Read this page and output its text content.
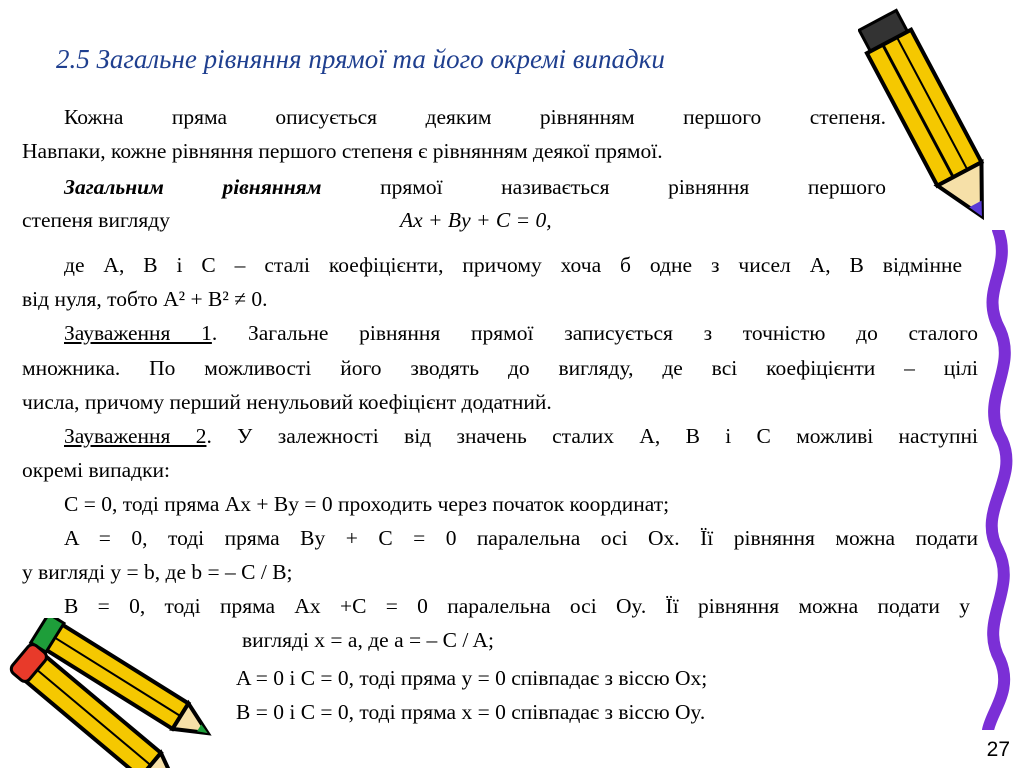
2.5 Загальне рівняння прямої та його окремі випадки
Кожна пряма описується деяким рівнянням першого степеня.
Навпаки, кожне рівняння першого степеня є рівнянням деякої прямої.
Загальним рівнянням прямої називається рівняння першого
степеня вигляду	Ax + By + C = 0,
де A, B і C – сталі коефіцієнти, причому хоча б одне з чисел A, B відмінне
від нуля, тобто A² + B² ≠ 0.
Зауваження 1. Загальне рівняння прямої записується з точністю до сталого
множника. По можливості його зводять до вигляду, де всі коефіцієнти – цілі
числа, причому перший ненульовий коефіцієнт додатний.
Зауваження 2. У залежності від значень сталих A, B і C можливі наступні
окремі випадки:
C = 0, тоді пряма Ax + By = 0 проходить через початок координат;
A = 0, тоді пряма By + C = 0 паралельна осі Ox. Її рівняння можна подати
у вигляді y = b, де b = – C / B;
B = 0, тоді пряма Ax +C = 0 паралельна осі Oy. Її рівняння можна подати у
вигляді x = a, де a = – C / A;
A = 0 і C = 0, тоді пряма y = 0 співпадає з віссю Ox;
B = 0 і C = 0, тоді пряма x = 0 співпадає з віссю Oy.
27
